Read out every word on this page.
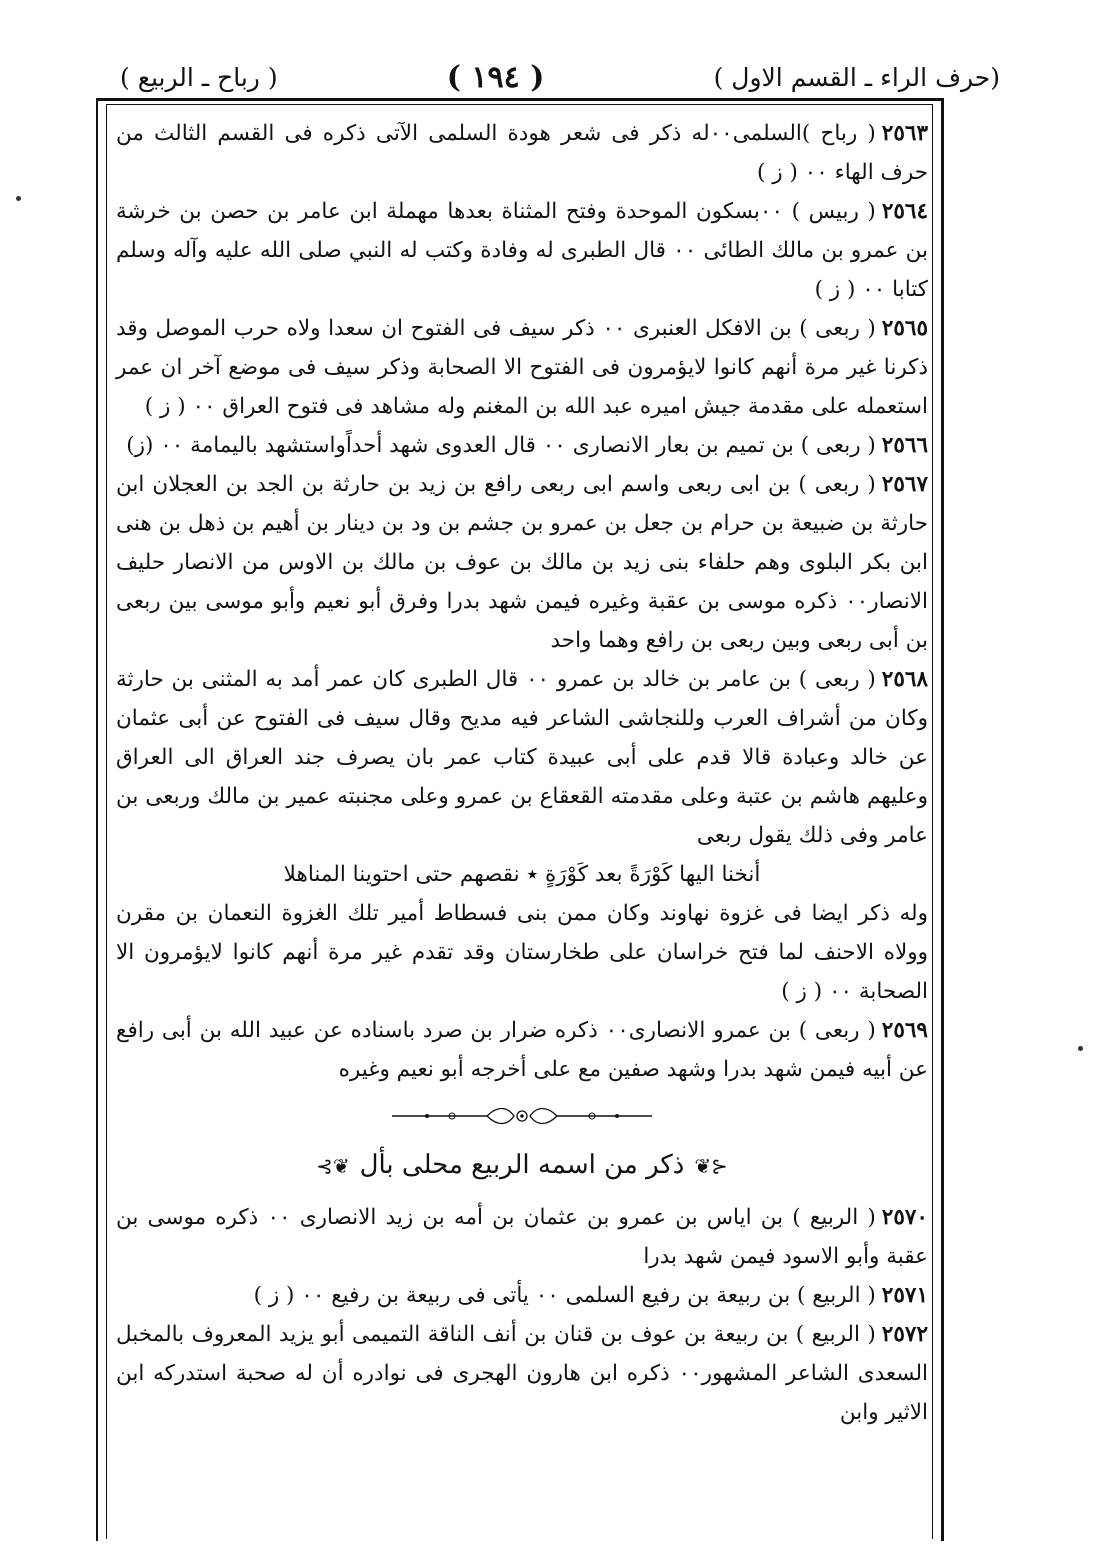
(حرف الراء ـ القسم الاول )
( ١٩٤ )
( رباح ـ الربيع )

٢٥٦٣( رباح )السلمى٠٠له ذكر فى شعر هودة السلمى الآتى ذكره فى القسم الثالث من حرف الهاء ٠٠ ( ز )

٢٥٦٤( ربيس ) ٠٠بسكون الموحدة وفتح المثناة بعدها مهملة ابن عامر بن حصن بن خرشة بن عمرو بن مالك الطائى ٠٠ قال الطبرى له وفادة وكتب له النبي صلى الله عليه وآله وسلم كتابا ٠٠ ( ز )

٢٥٦٥( ربعى ) بن الافكل العنبرى ٠٠ ذكر سيف فى الفتوح ان سعدا ولاه حرب الموصل وقد ذكرنا غير مرة أنهم كانوا لايؤمرون فى الفتوح الا الصحابة وذكر سيف فى موضع آخر ان عمر استعمله على مقدمة جيش اميره عبد الله بن المغنم وله مشاهد فى فتوح العراق ٠٠ ( ز )

٢٥٦٦( ربعى ) بن تميم بن بعار الانصارى ٠٠ قال العدوى شهد أحداًواستشهد باليمامة ٠٠ (ز)

٢٥٦٧( ربعى ) بن ابى ربعى واسم ابى ربعى رافع بن زيد بن حارثة بن الجد بن العجلان ابن حارثة بن ضبيعة بن حرام بن جعل بن عمرو بن جشم بن ود بن دينار بن أهيم بن ذهل بن هنى ابن بكر البلوى وهم حلفاء بنى زيد بن مالك بن عوف بن مالك بن الاوس من الانصار حليف الانصار٠٠ ذكره موسى بن عقبة وغيره فيمن شهد بدرا وفرق أبو نعيم وأبو موسى بين ربعى بن أبى ربعى وبين ربعى بن رافع وهما واحد

٢٥٦٨( ربعى ) بن عامر بن خالد بن عمرو ٠٠ قال الطبرى كان عمر أمد به المثنى بن حارثة وكان من أشراف العرب وللنجاشى الشاعر فيه مديح وقال سيف فى الفتوح عن أبى عثمان عن خالد وعبادة قالا قدم على أبى عبيدة كتاب عمر بان يصرف جند العراق الى العراق وعليهم هاشم بن عتبة وعلى مقدمته القعقاع بن عمرو وعلى مجنبته عمير بن مالك وربعى بن عامر وفى ذلك يقول ربعى

أنخنا اليها كَوْرَةً بعد كَوْرَةٍ ٭ نقصهم حتى احتوينا المناهلا

وله ذكر ايضا فى غزوة نهاوند وكان ممن بنى فسطاط أمير تلك الغزوة النعمان بن مقرن وولاه الاحنف لما فتح خراسان على طخارستان وقد تقدم غير مرة أنهم كانوا لايؤمرون الا الصحابة ٠٠ ( ز )

٢٥٦٩( ربعى ) بن عمرو الانصارى٠٠ ذكره ضرار بن صرد باسناده عن عبيد الله بن أبى رافع عن أبيه فيمن شهد بدرا وشهد صفين مع على أخرجه أبو نعيم وغيره

⊰❦ذكر من اسمه الربيع محلى بأل❦⊱

٢٥٧٠( الربيع ) بن اياس بن عمرو بن عثمان بن أمه بن زيد الانصارى ٠٠ ذكره موسى بن عقبة وأبو الاسود فيمن شهد بدرا

٢٥٧١( الربيع ) بن ربيعة بن رفيع السلمى ٠٠ يأتى فى ربيعة بن رفيع ٠٠ ( ز )

٢٥٧٢( الربيع ) بن ربيعة بن عوف بن قنان بن أنف الناقة التميمى أبو يزيد المعروف بالمخبل السعدى الشاعر المشهور٠٠ ذكره ابن هارون الهجرى فى نوادره أن له صحبة استدركه ابن الاثير وابن
